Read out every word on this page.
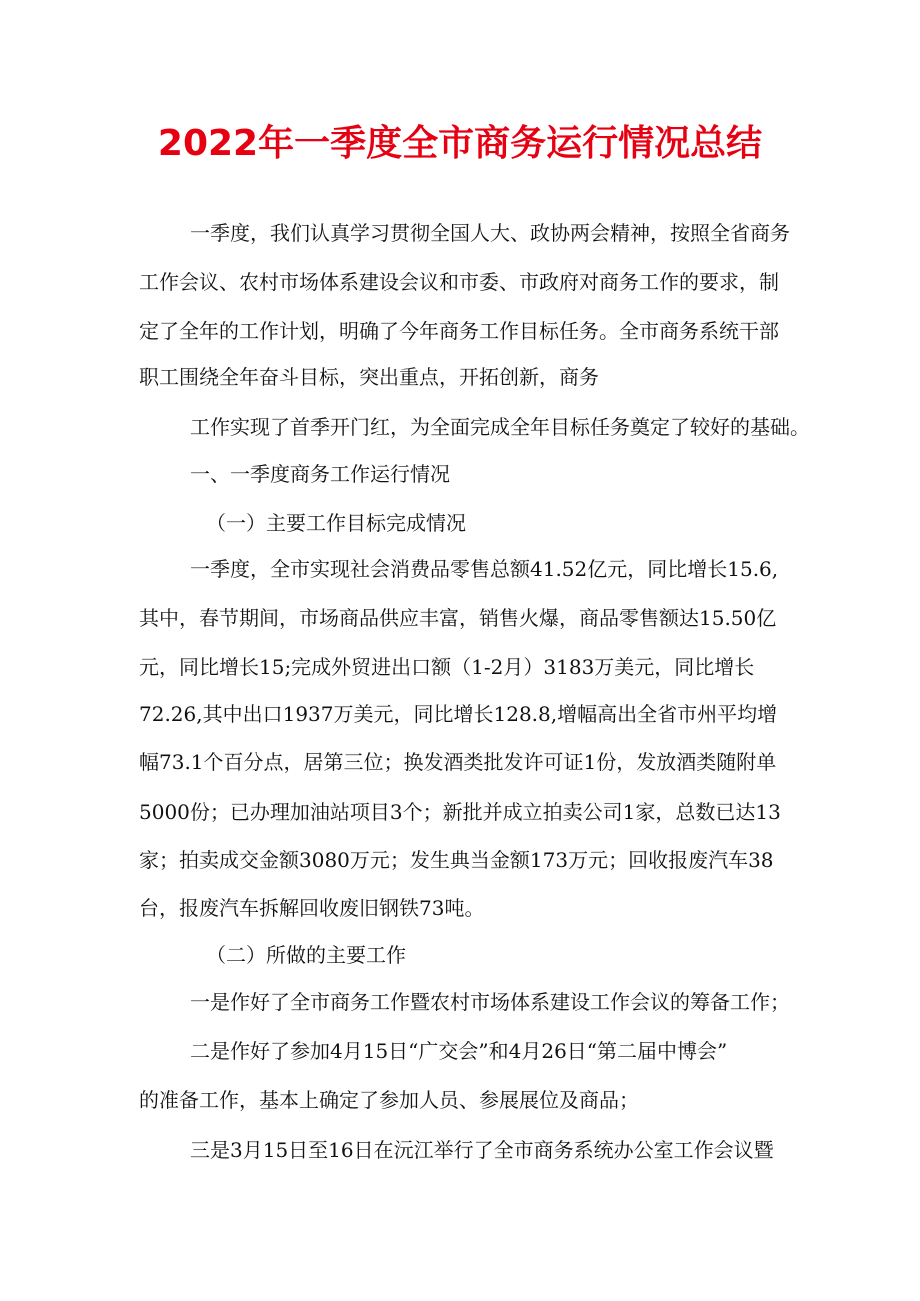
2022年一季度全市商务运行情况总结
一季度，我们认真学习贯彻全国人大、政协两会精神，按照全省商务
工作会议、农村市场体系建设会议和市委、市政府对商务工作的要求，制
定了全年的工作计划，明确了今年商务工作目标任务。全市商务系统干部
职工围绕全年奋斗目标，突出重点，开拓创新，商务
工作实现了首季开门红，为全面完成全年目标任务奠定了较好的基础。
一、一季度商务工作运行情况
（一）主要工作目标完成情况
一季度，全市实现社会消费品零售总额41.52亿元，同比增长15.6,
其中，春节期间，市场商品供应丰富，销售火爆，商品零售额达15.50亿
元，同比增长15;完成外贸进出口额（1-2月）3183万美元，同比增长
72.26,其中出口1937万美元，同比增长128.8,增幅高出全省市州平均增
幅73.1个百分点，居第三位；换发酒类批发许可证1份，发放酒类随附单
5000份；已办理加油站项目3个；新批并成立拍卖公司1家，总数已达13
家；拍卖成交金额3080万元；发生典当金额173万元；回收报废汽车38
台，报废汽车拆解回收废旧钢铁73吨。
（二）所做的主要工作
一是作好了全市商务工作暨农村市场体系建设工作会议的筹备工作；
二是作好了参加4月15日“广交会”和4月26日“第二届中博会”
的准备工作，基本上确定了参加人员、参展展位及商品；
三是3月15日至16日在沅江举行了全市商务系统办公室工作会议暨
